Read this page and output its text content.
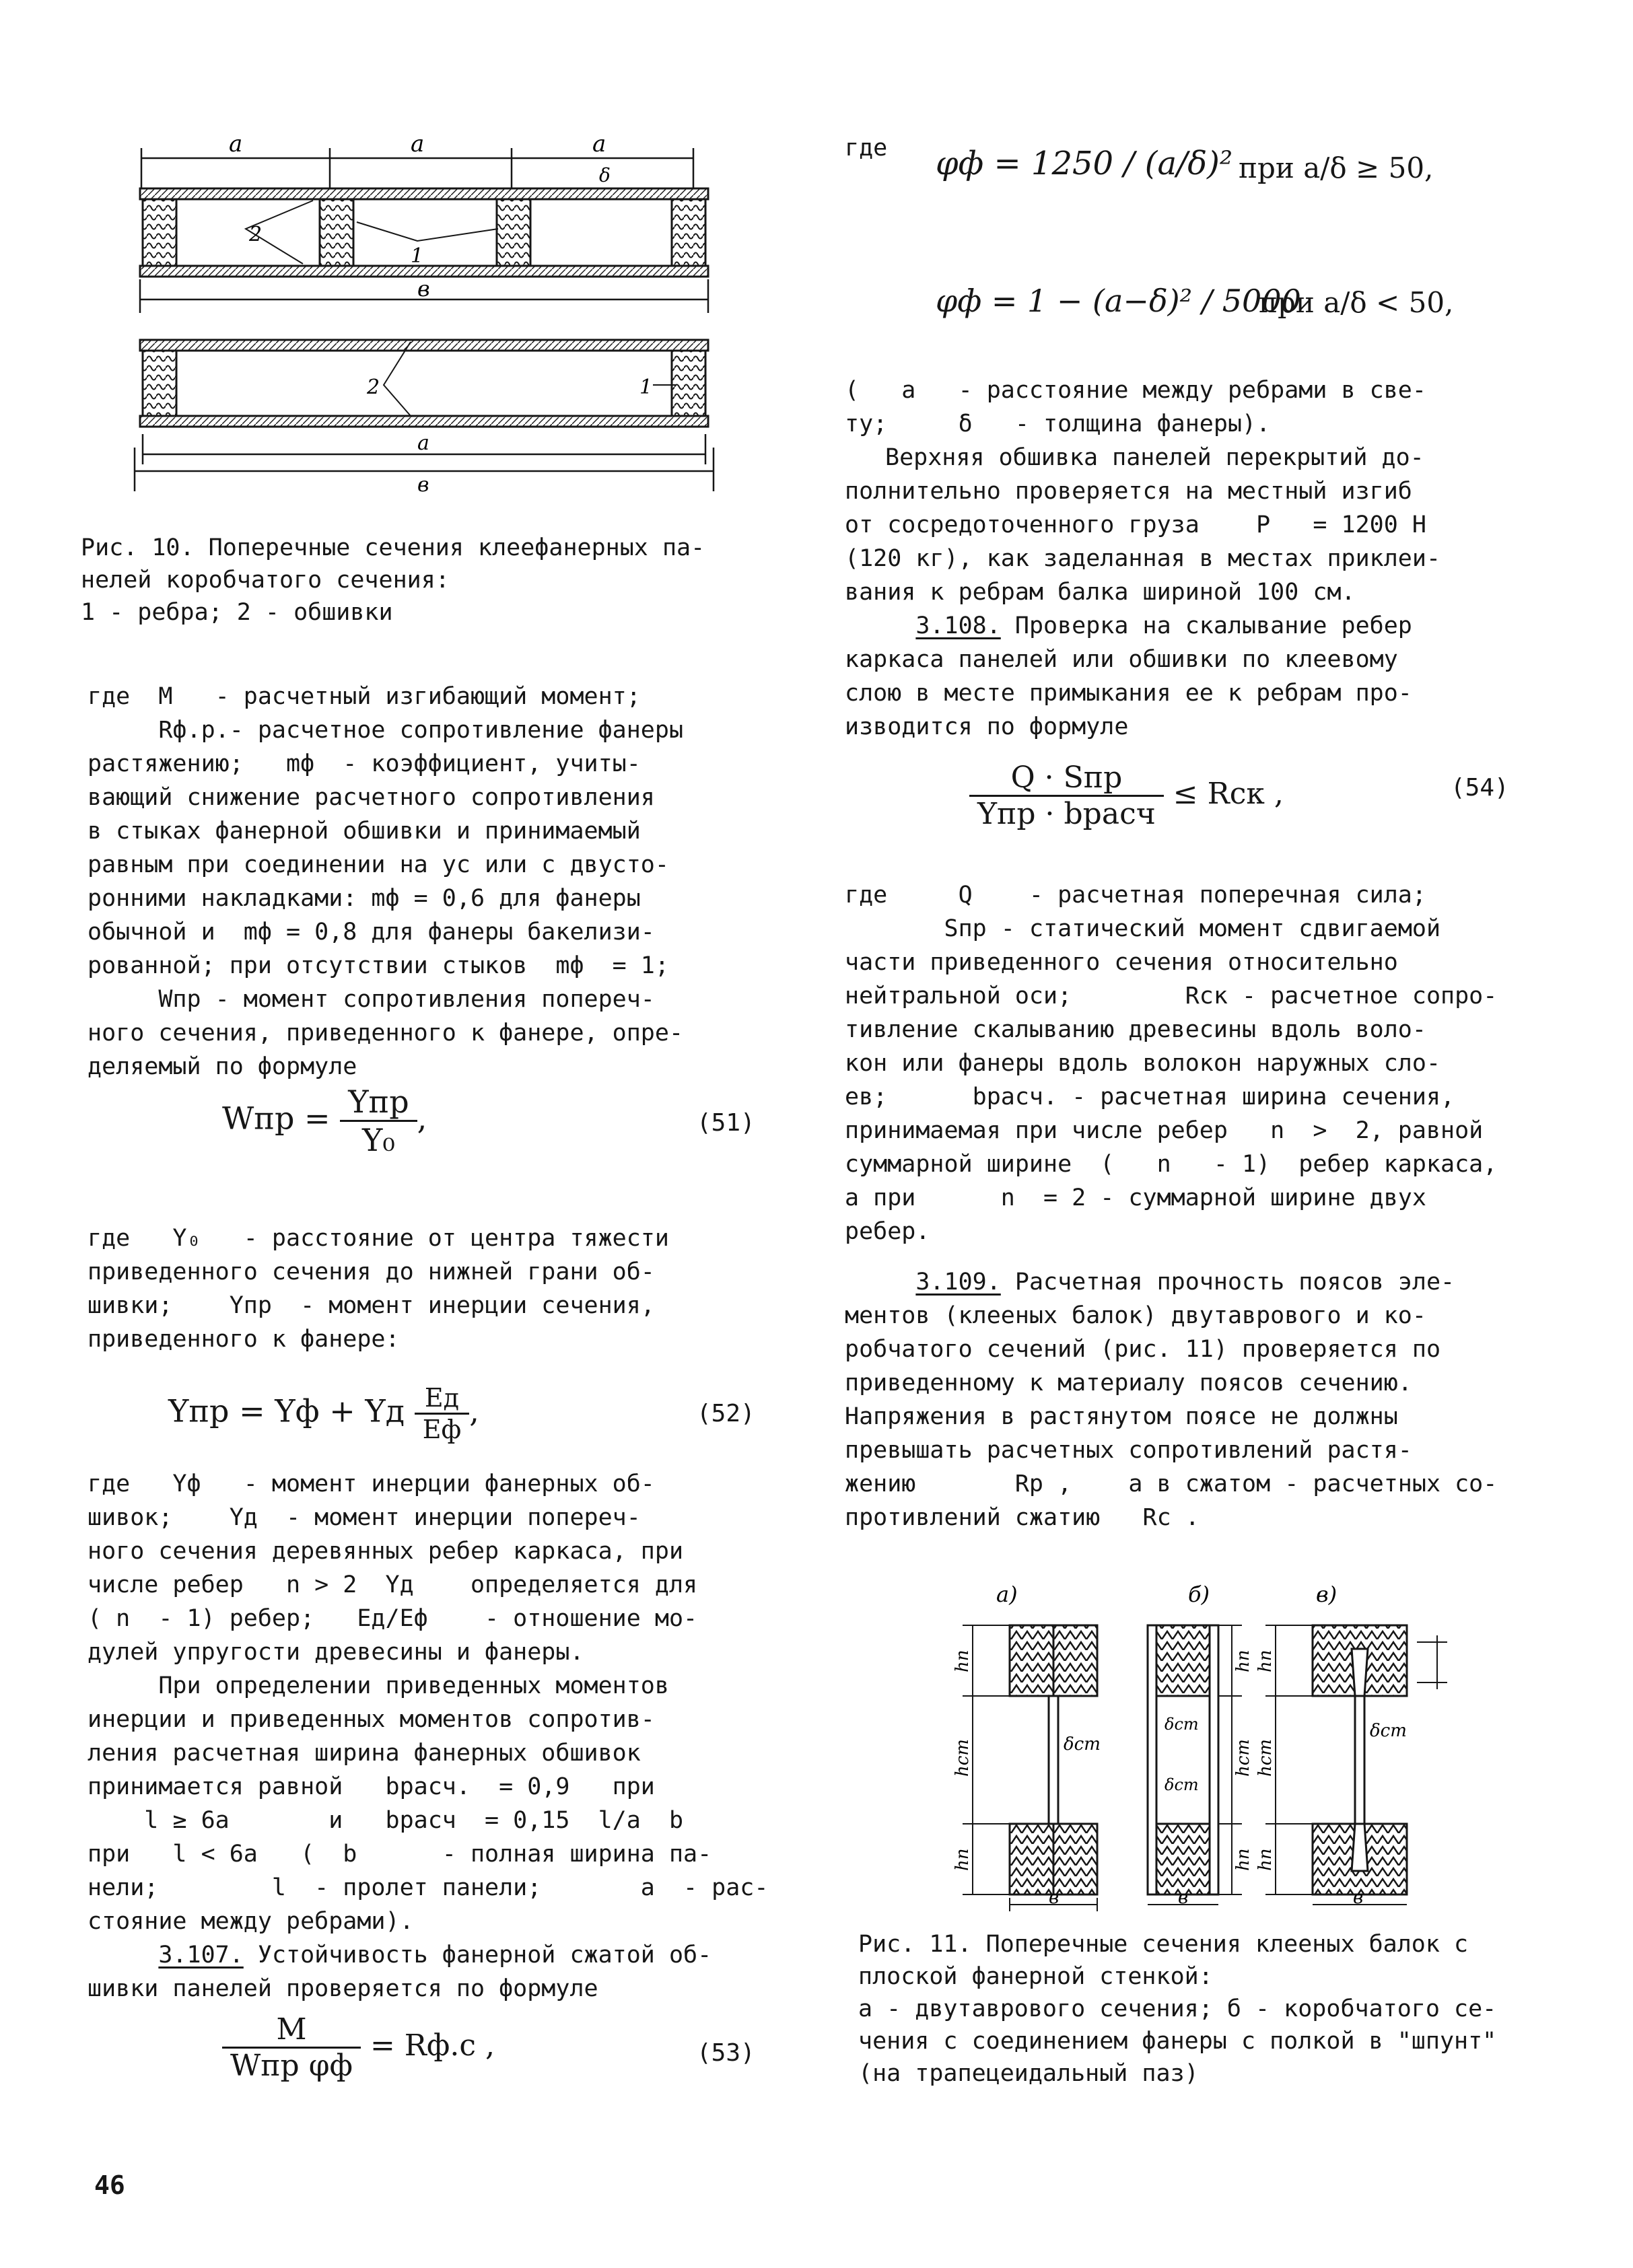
a	a	a
δ
2
1
в
2	1
a
в
Рис. 10. Поперечные сечения клеефанерных па-
нелей коробчатого сечения:
1 - ребра; 2 - обшивки

где  M   - расчетный изгибающий момент;

Rф.р.- расчетное сопротивление фанеры

растяжению;   mф  - коэффициент, учиты-

вающий снижение расчетного сопротивления

в стыках фанерной обшивки и принимаемый

равным при соединении на ус или с двусто-

ронними накладками: mф = 0,6 для фанеры

обычной и  mф = 0,8 для фанеры бакелизи-

рованной; при отсутствии стыков  mф  = 1;

Wпр - момент сопротивления попереч-

ного сечения, приведенного к фанере, опре-

деляемый по формуле

Wпр = $\frac{\text{Yпр}}{\text{Y₀}}$ ,	(51)

где   Y₀   - расстояние от центра тяжести

приведенного сечения до нижней грани об-

шивки;    Yпр  - момент инерции сечения,

приведенного к фанере:

Yпр = Yф + Yд $\frac{Eд}{Eф}$ ,	(52)

где   Yф   - момент инерции фанерных об-

шивок;    Yд  - момент инерции попереч-

ного сечения деревянных ребер каркаса, при

числе ребер   n > 2  Yд    определяется для

( n  - 1) ребер;   Eд/Eф    - отношение мо-

дулей упругости древесины и фанеры.

При определении приведенных моментов

инерции и приведенных моментов сопротив-

ления расчетная ширина фанерных обшивок

принимается равной   bрасч.  = 0,9   при

l ≥ 6a       и   bрасч  = 0,15  l/a  b

при   l < 6a   (  b      - полная ширина па-

нели;        l  - пролет панели;       a  - рас-

стояние между ребрами).

3.107. Устойчивость фанерной сжатой об-

шивки панелей проверяется по формуле

$\frac{M}{\text{Wпр φф}} = Rф.с$ ,	(53)
46
где φф = 1250 / (a/δ)² при a/δ ≥ 50,
φф = 1 − (a−δ)² / 5000
при a/δ < 50,

(   a   - расстояние между ребрами в све-

ту;     δ   - толщина фанеры).

Верхняя обшивка панелей перекрытий до-

полнительно проверяется на местный изгиб

от сосредоточенного груза    P   = 1200 Н

(120 кг), как заделанная в местах приклеи-

вания к ребрам балка шириной 100 см.

3.108. Проверка на скалывание ребер

каркаса панелей или обшивки по клеевому

слою в месте примыкания ее к ребрам про-

изводится по формуле

$\frac{\text{Q · Sпр}}{\text{Yпр · bрасч}}$ ≤ Rск ,	(54)

где     Q    - расчетная поперечная сила;

Sпр - статический момент сдвигаемой

части приведенного сечения относительно

нейтральной оси;        Rск - расчетное сопро-

тивление скалыванию древесины вдоль воло-

кон или фанеры вдоль волокон наружных сло-

ев;      bрасч. - расчетная ширина сечения,

принимаемая при числе ребер   n  >  2, равной

суммарной ширине  (   n   - 1)  ребер каркаса,

а при      n  = 2 - суммарной ширине двух

ребер.

3.109. Расчетная прочность поясов эле-

ментов (клееных балок) двутаврового и ко-

робчатого сечений (рис. 11) проверяется по

приведенному к материалу поясов сечению.

Напряжения в растянутом поясе не должны

превышать расчетных сопротивлений растя-

жению       Rр ,    а в сжатом - расчетных со-

противлений сжатию   Rс .

а)	б)	в)
hп
hст
hп
δст
в
hп
hст
hп
δст
δст
в
hп
hст
hп
δст
в
Рис. 11. Поперечные сечения клееных балок с
плоской фанерной стенкой:
а - двутаврового сечения; б - коробчатого се-
чения с соединением фанеры с полкой в "шпунт"
(на трапецеидальный паз)
